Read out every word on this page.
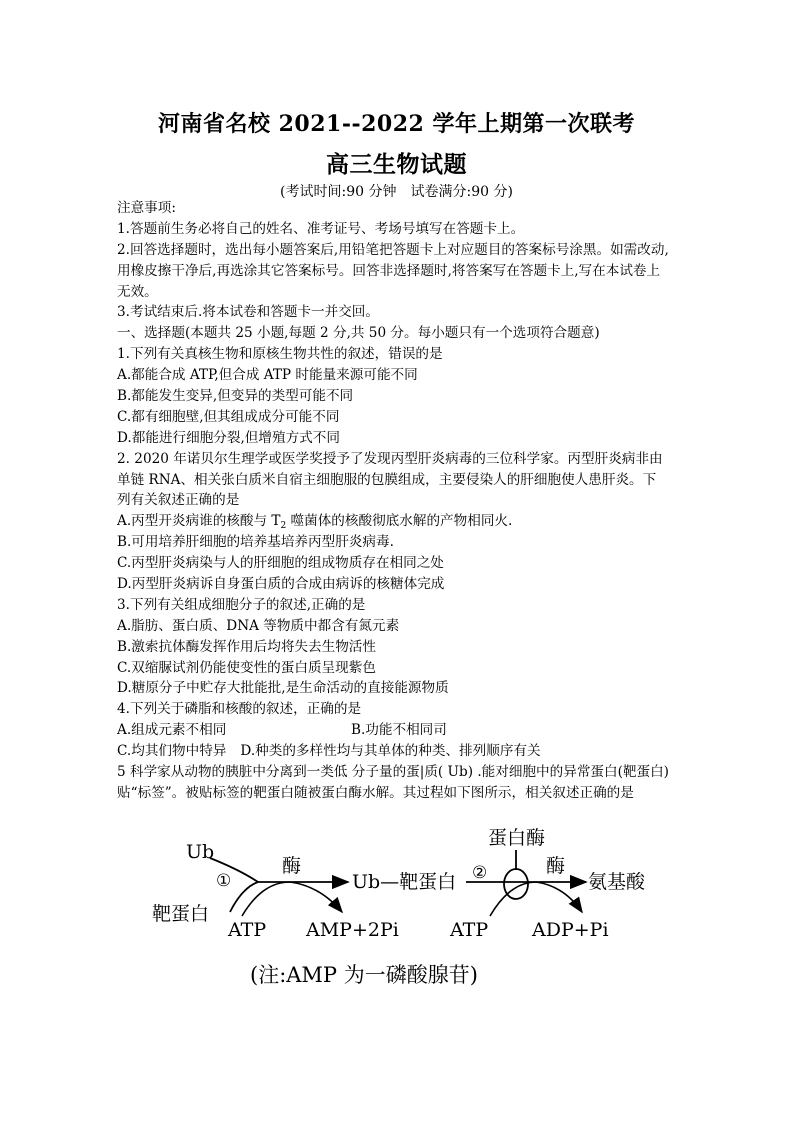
河南省名校 2021--2022 学年上期第一次联考
高三生物试题
(考试时间:90 分钟　试卷满分:90 分)
注意事项:
1.答题前生务必将自己的姓名、准考证号、考场号填写在答题卡上。
2.回答选择题时，选出每小题答案后,用铅笔把答题卡上对应题目的答案标号涂黑。如需改动,
用橡皮擦干净后,再选涂其它答案标号。回答非选择题时,将答案写在答题卡上,写在本试卷上
无效。
3.考试结束后.将本试卷和答题卡一并交回。
一、选择题(本题共 25 小题,每题 2 分,共 50 分。每小题只有一个选项符合题意)
1.下列有关真核生物和原核生物共性的叙述，错误的是
A.都能合成 ATP,但合成 ATP 时能量来源可能不同
B.都能发生变异,但变异的类型可能不同
C.都有细胞壁,但其组成成分可能不同
D.都能进行细胞分裂,但增殖方式不同
2. 2020 年诺贝尔生理学或医学奖授予了发现丙型肝炎病毒的三位科学家。丙型肝炎病非由
单链 RNA、相关张白质米自宿主细胞服的包膜组成，主要侵染人的肝细胞使人患肝炎。下
列有关叙述正确的是
A.丙型开炎病谁的核酸与 $T_2$ 噬菌体的核酸彻底水解的产物相同火.
B.可用培养肝细胞的培养基培养丙型肝炎病毒.
C.丙型肝炎病染与人的肝细胞的组成物质存在相同之处
D.丙型肝炎病诉自身蛋白质的合成由病诉的核糖体完成
3.下列有关组成细胞分子的叙述,正确的是
A.脂肪、蛋白质、DNA 等物质中都含有氮元素
B.激索抗体酶发挥作用后均将失去生物活性
C.双缩脲试剂仍能使变性的蛋白质呈现紫色
D.糖原分子中贮存大批能批,是生命活动的直接能源物质
4.下列关于磷脂和核酸的叙述，正确的是
A.组成元素不相同	B.功能不相同司
C.均其们物中特异 D.种类的多样性均与其单体的种类、排列顺序有关
5 科学家从动物的胰脏中分离到一类低 分子量的蛋|质( Ub) .能对细胞中的异常蛋白(靶蛋白)
贴“标签”。被贴标签的靶蛋白随被蛋白酶水解。其过程如下图所示，相关叙述正确的是
Ub
①
酶
靶蛋白
ATP AMP+2Pi
Ub—靶蛋白 ②
蛋白酶
酶
氨基酸
ATP ADP+Pi
(注:AMP 为一磷酸腺苷)
